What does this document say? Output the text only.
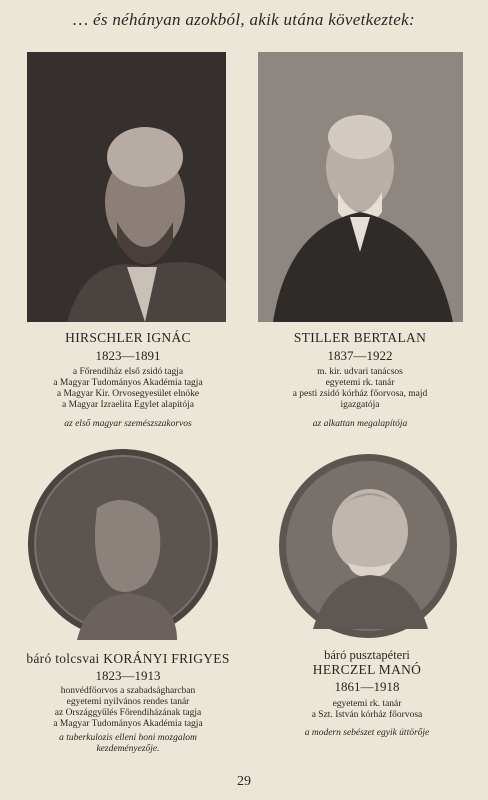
… és néhányan azokból, akik utána következtek:
HIRSCHLER IGNÁC
1823—1891
a Főrendiház első zsidó tagja
a Magyar Tudományos Akadémia tagja
a Magyar Kir. Orvosegyesület elnöke
a Magyar Izraelita Egylet alapítója
az első magyar szemészszakorvos
STILLER BERTALAN
1837—1922
m. kir. udvari tanácsos
egyetemi rk. tanár
a pesti zsidó kórház főorvosa, majd
igazgatója
az alkattan megalapítója
báró tolcsvai KORÁNYI FRIGYES
1823—1913
honvédfőorvos a szabadságharcban
egyetemi nyilvános rendes tanár
az Országgyűlés Főrendiházának tagja
a Magyar Tudományos Akadémia tagja
a tuberkulozis elleni honi mozgalom kezdeményezője.
báró pusztapéteri
HERCZEL MANÓ
1861—1918
egyetemi rk. tanár
a Szt. István kórház főorvosa
a modern sebészet egyik úttörője
29
